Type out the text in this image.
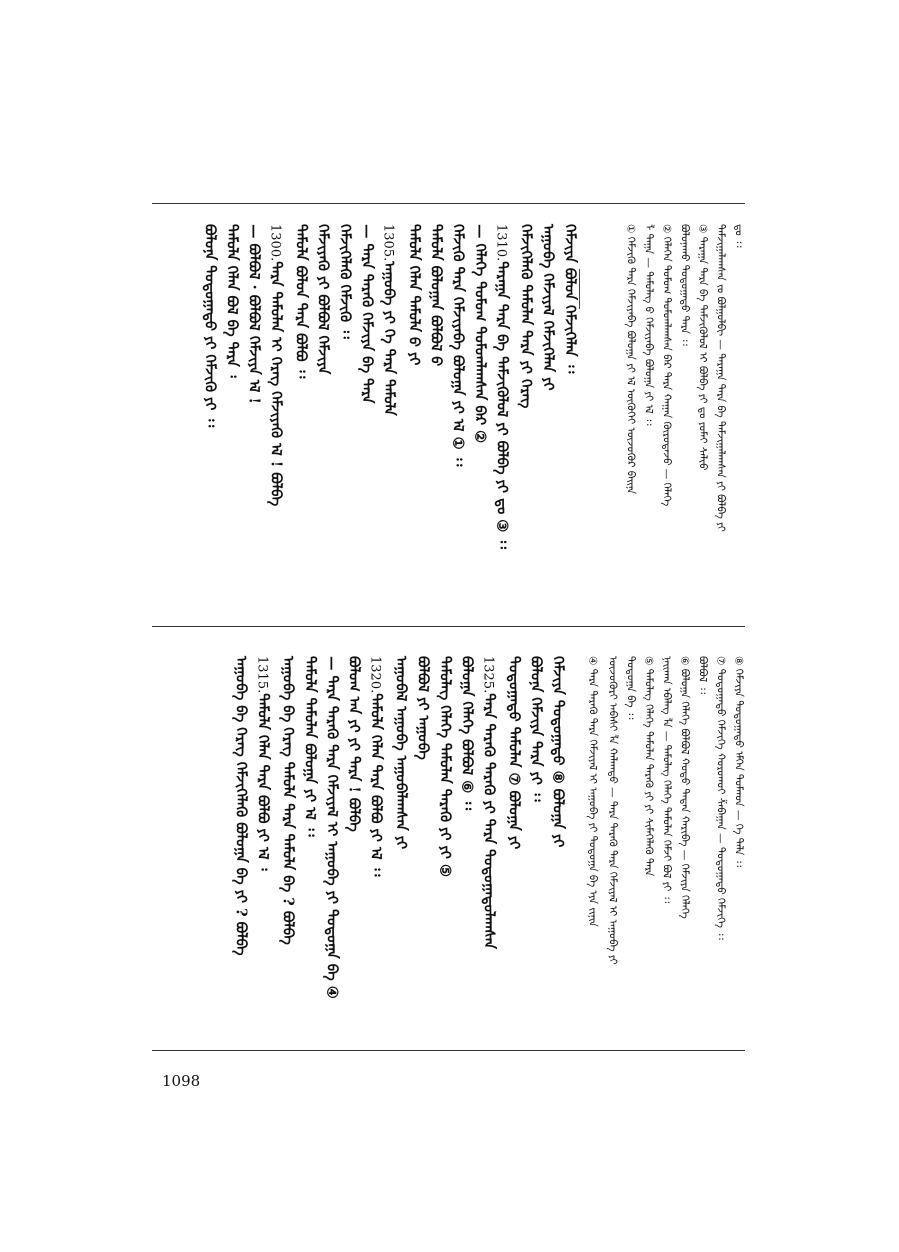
ᠳᠣ ᠄᠄
ᠳᠠᠮᠵᠢᠭᠠᠯᠠᠭᠰᠠᠠ ᠵᠣ ᠪᠣᠯᠭᠣᠯᠪᠢ — ᠲᠠᠷᠠᠭᠠ ᠲᠡᠷᠡ ᠪᠡ ᠳᠡᠮᠵᠢᠭᠠᠯᠠᠭᠰᠠᠠ ᠶᠢ ᠪᠣᠯᠪᠠ ᠶᠢ
③ ᠲᠠᠷᠠᠭᠠ ᠲᠡᠷᠡ ᠪᠡ ᠳᠡᠮᠵᠢᠭᠦᠯᠦᠯ ᠢ ᠪᠣᠯᠪᠠ ᠶᠢ ᠳᠣ ᠶᠤᠮᠠᠢ ᠰᠡᠯᠢᠦ
ᠪᠣᠯᠤᠨᠠᠬᠤ ᠳᠣᠲᠣᠭᠠᠳᠤ ᠲᠡᠷᠡ ᠄᠄
② ᠬᠡᠯᠡᠭᠡᠨ ᠳᠣᠮᠣᠭ ᠳᠣᠮᠣᠭᠯᠠᠭᠰᠠᠨ ᠪᠠᠷ ᠲᠡᠷᠡ ᠬᠠᠭᠠᠨ ᠭᠦᠷᠦᠳᠡᠵᠦ — ᠬᠡᠯᠡᠭᠡ
ᠯ ᠳᠠᠭᠠ — ᠲᠡᠮᠦᠯᠡᠭ ᠪ ᠬᠡᠮᠵᠢᠶᠡᠪᠡ ᠪᠣᠯᠤᠭᠠ ᠶᠢ ᠡᠯ ᠄᠄
① ᠬᠡᠮᠵᠢᠭᠦ ᠲᠡᠷᠡ ᠬᠡᠮᠵᠢᠶᠡᠪᠡ ᠪᠣᠯᠤᠭᠠ ᠶᠢ ᠡᠯ ᠦᠭᠦᠬᠡᠢ ᠦᠵᠦᠭᠦᠷ ᠪᠠᠢᠨᠠ
ᠬᠡᠮᠵᠢᠶᠡ ᠪᠣᠯᠤᠨ ᠬᠡᠮᠵᠢᠭᠡᠯᠡᠨ ᠄᠄
ᠠᠭᠤᠪᠠ ᠬᠡᠮᠵᠢᠶᠡᠯ ᠬᠡᠮᠵᠢᠭᠡᠯᠡᠨ ᠶᠢ
ᠬᠡᠮᠵᠢᠭᠡᠯᠡᠬᠦ ᠲᠡᠮᠦᠯᠡᠨ ᠲᠡᠷᠡ ᠶᠢ ᠬᠡᠷᠡᠭ
1310.ᠲᠠᠷᠠᠭᠠ ᠲᠡᠷᠡ ᠪᠡ ᠳᠡᠮᠵᠢᠭᠦᠯᠦᠯ ᠶᠢ ᠪᠣᠯᠪᠠ ᠶᠢ ᠳᠣ ③ ᠄᠄
— ᠬᠡᠯᠡᠭᠡ ᠳᠣᠮᠣᠭ ᠳᠣᠮᠣᠭᠯᠠᠭᠰᠠᠨ ᠪᠠᠷ ②
ᠬᠡᠮᠵᠢᠭᠦ ᠲᠡᠷᠡ ᠬᠡᠮᠵᠢᠶᠡᠪᠡ ᠪᠣᠯᠤᠭᠠ ᠶᠢ ᠡᠯ ① ᠄᠄
ᠲᠡᠮᠦᠯᠡ ᠪᠣᠯᠤᠭᠠᠨ ᠪᠣᠯᠪᠣᠯ ᠪ
ᠲᠡᠮᠦᠯᠡ ᠬᠡᠯᠡᠨ ᠲᠡᠮᠦᠯᠡ ᠪ ᠶᠢ
1305.ᠠᠭᠤᠪᠠ ᠶᠢ ᠬᠡ ᠲᠡᠷᠡ ᠲᠡᠮᠦᠯᠡ
— ᠲᠡᠷᠡ ᠲᠡᠷᠡᠭᠦ ᠬᠡᠮᠵᠢᠶᠡ ᠪᠡ ᠲᠡᠷᠡ
ᠬᠡᠮᠵᠢᠭᠡᠯᠡᠬᠦ ᠬᠡᠮᠵᠢᠭᠦ ᠄᠄
ᠬᠡᠮᠵᠢᠶᠡᠭᠦ ᠶᠢ ᠪᠣᠯᠪᠣᠯ ᠬᠡᠮᠵᠢᠶᠡ
ᠲᠡᠮᠦᠯᠡ ᠪᠣᠯᠤᠨ ᠲᠡᠷᠡ ᠪᠣᠯᠪᠣ ᠄᠄
1300.ᠲᠡᠷᠡ ᠲᠡᠮᠦᠯᠡᠨ ᠢ ᠬᠡᠷᠡᠭ ᠬᠡᠮᠵᠢᠶᠡᠭᠦ ᠡᠯ ! ᠪᠣᠯᠪᠠ
— ᠪᠣᠯᠪᠣᠯ · ᠪᠣᠯᠪᠣᠯ ᠬᠡᠮᠵᠢᠶᠡ ᠡᠯ !
ᠲᠡᠮᠦᠯᠡ ᠬᠡᠯᠡᠨ ᠪᠣᠯ ᠪᠠ ᠲᠡᠷᠡ ᠄
ᠪᠣᠯᠤᠨᠠ ᠳᠣᠲᠣᠭᠠᠳᠤ ᠶᠢ ᠬᠡᠮᠵᠢᠭᠦ ᠶᠢ ᠄᠄
⑧ ᠬᠡᠮᠵᠢᠶᠡ ᠳᠣᠲᠣᠭᠠᠳᠤ ᠡᠮᠬᠡᠨ ᠳᠣᠮᠬᠣᠨ — ᠬᠡ ᠳᠡᠯᠡ ᠄᠄
⑦ ᠳᠣᠲᠣᠭᠠᠳᠤ ᠬᠡᠮᠵᠢᠭᠡ ᠬᠣᠷᠣᠬᠣᠢ ᠱᠠᠪᠠᠭᠠᠨ — ᠳᠣᠲᠣᠭᠠᠳᠤ ᠬᠡᠮᠵᠢᠭᠡ ᠄᠄
ᠪᠣᠯᠪᠣᠯ ᠄᠄
⑥ ᠪᠣᠯᠤᠭᠠ ᠬᠡᠯᠡᠭᠡ ᠪᠣᠯᠪᠣᠯ ᠬᠣᠳᠣ ᠲᠠᠲᠠᠨ ᠬᠠᠷᠢᠪᠠ — ᠬᠡᠮᠵᠢᠶᠡ ᠬᠡᠯᠡᠭᠡ
ᠨᠠᠢᠬᠠᠨ ᠡᠪᠡᠯᠡᠭ ᠯᠠ — ᠲᠡᠮᠦᠯᠡᠭ ᠬᠡᠯᠡᠭᠡ ᠲᠡᠮᠦᠯᠡᠨ ᠬᠡᠮᠵᠢ ᠪᠣᠯ ᠶᠢ ᠄᠄
⑤ ᠲᠡᠮᠦᠯᠡᠭ ᠬᠡᠯᠡᠭᠡ ᠲᠡᠮᠦᠯᠡᠨ ᠲᠡᠷᠡᠭᠦ ᠶᠢ ᠶᠢ ᠱᠢᠮᠡᠭᠡᠯᠡᠬᠦ ᠲᠡᠷᠡ
ᠳᠣᠲᠣᠭᠠ ᠪᠡ ᠄᠄
ᠦᠵᠦᠭᠦᠷᠢ ᠠᠪᠠᠰᠢ ᠯᠠ ᠬᠠᠯᠬᠠᠳᠣ — ᠲᠡᠷᠡ ᠲᠡᠷᠡᠭᠦ ᠲᠡᠷᠡ ᠬᠡᠮᠵᠢᠶᠡᠯ ᠢ ᠠᠭᠤᠪᠠ ᠶᠢ
④ ᠲᠡᠷᠡ ᠲᠡᠷᠡᠭᠦ ᠲᠡᠷᠡ ᠬᠡᠮᠵᠢᠶᠡᠯ ᠢ ᠠᠭᠤᠪᠠ ᠶᠢ ᠳᠣᠲᠣᠭᠠ ᠪᠡ ᠡᠶᠡ ᠵᠢᠨᠢᠨ
ᠬᠡᠮᠵᠢᠶᠡ ᠳᠣᠲᠣᠭᠠᠳᠤ ⑧ ᠪᠣᠯᠤᠭᠠ ᠶᠢ
ᠪᠣᠯᠤᠨᠠ ᠬᠡᠮᠵᠢᠶᠡ ᠲᠡᠷᠡ ᠶᠢ ᠄᠄
ᠳᠣᠲᠣᠭᠠᠳᠤ ᠲᠡᠮᠦᠯᠡᠨ ⑦ ᠪᠣᠯᠤᠭᠠ ᠶᠢ
1325.ᠲᠡᠷᠡ ᠲᠡᠷᠡᠭᠦ ᠲᠡᠷᠡᠭᠦ ᠶᠢ ᠲᠡᠷᠡ ᠳᠣᠲᠣᠭᠠᠳᠤᠯᠠᠭᠰᠠᠨ
ᠪᠣᠯᠤᠭᠠ ᠬᠡᠯᠡᠭᠡ ᠪᠣᠯᠪᠣᠯ ⑥ ᠄᠄
ᠲᠡᠮᠦᠯᠡᠭ ᠬᠡᠯᠡᠭᠡ ᠲᠡᠮᠦᠯᠡᠨ ᠲᠡᠷᠡᠭᠦ ᠶᠢ ᠶᠢ ⑤
ᠪᠣᠯᠪᠣᠯ ᠶᠢ ᠠᠭᠤᠪᠠ
ᠠᠭᠤᠪᠠᠯ ᠠᠭᠤᠪᠠ ᠠᠭᠤᠪᠠᠯᠠᠭᠰᠠᠨ ᠶᠢ
1320.ᠲᠡᠮᠦᠯᠡ ᠬᠡᠯᠡᠨ ᠲᠡᠷᠡ ᠪᠣᠯᠪᠣ ᠶᠢ ᠡᠯ ᠄᠄
ᠪᠣᠯᠤᠭ ᠠᠨ ᠶᠢ ᠶᠢ ᠲᠡᠷᠡ ! ᠪᠣᠯᠪᠠ
— ᠲᠡᠷᠡ ᠲᠡᠷᠡᠭᠦ ᠲᠡᠷᠡ ᠬᠡᠮᠵᠢᠶᠡᠯ ᠢ ᠠᠭᠤᠪᠠ ᠶᠢ ᠳᠣᠲᠣᠭᠠ ᠪᠡ ④
ᠲᠡᠮᠦᠯᠡ ᠲᠡᠮᠦᠯᠡᠨ ᠪᠣᠯᠤᠭᠠ ᠶᠢ ᠡᠯ ᠄᠄
ᠠᠭᠤᠪᠠ ᠪᠡ ᠬᠡᠷᠡᠭ ᠲᠡᠮᠦᠯᠡ ᠲᠡᠷᠡ ᠲᠡᠮᠦᠯᠡ ᠪᠠ ? ᠪᠣᠯᠪᠠ
1315.ᠲᠡᠮᠦᠯᠡ ᠬᠡᠯᠡᠨ ᠲᠡᠷᠡ ᠪᠣᠯᠪᠣ ᠶᠢ ᠡᠯ ᠄
ᠠᠭᠤᠪᠠ ᠪᠡ ᠬᠡᠷᠡᠭ ᠬᠡᠮᠵᠢᠭᠡᠯᠡᠬᠦ ᠪᠣᠯᠤᠭᠠ ᠪᠡ ᠶᠢ ? ᠪᠣᠯᠪᠠ
1098
